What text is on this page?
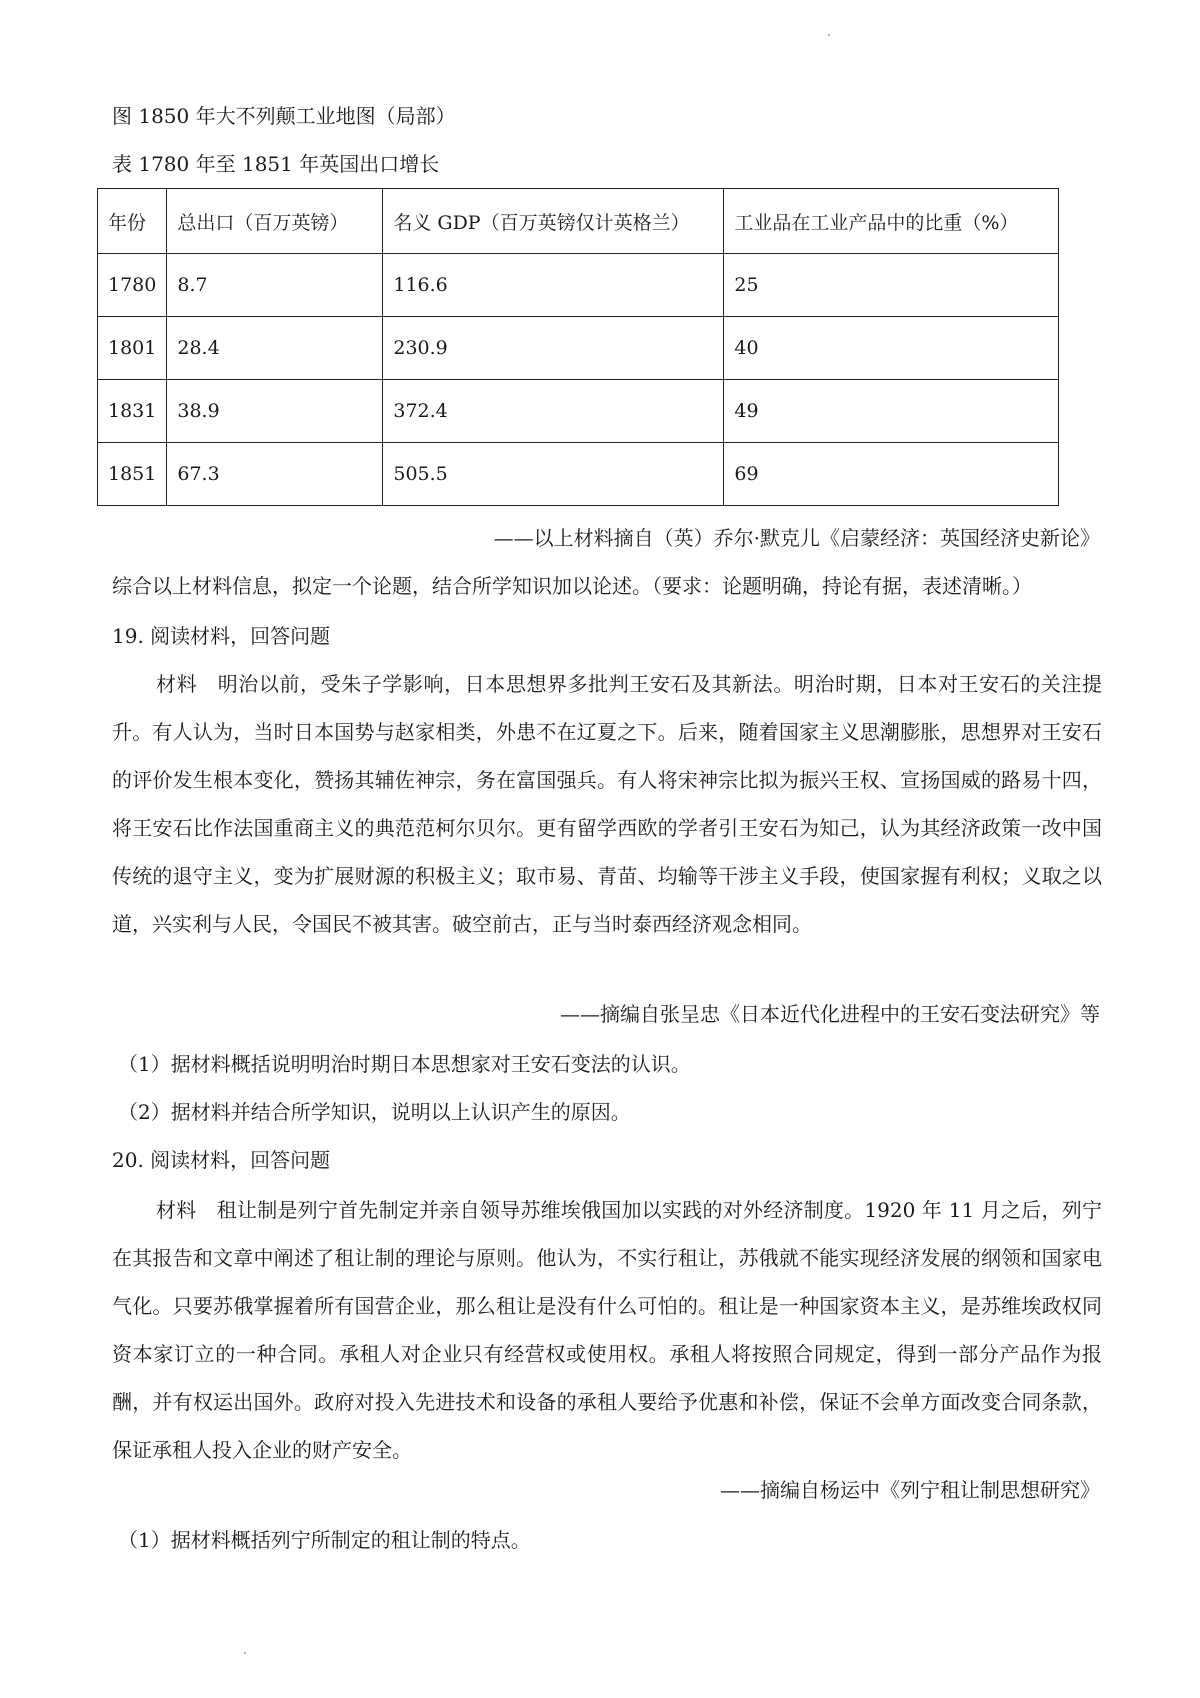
图 1850 年大不列颠工业地图（局部）
表 1780 年至 1851 年英国出口增长
年份	总出口（百万英镑）	名义 GDP（百万英镑仅计英格兰）	工业品在工业产品中的比重（%）
1780	8.7	116.6	25
1801	28.4	230.9	40
1831	38.9	372.4	49
1851	67.3	505.5	69
——以上材料摘自（英）乔尔·默克儿《启蒙经济：英国经济史新论》
综合以上材料信息，拟定一个论题，结合所学知识加以论述。（要求：论题明确，持论有据，表述清晰。）
19. 阅读材料，回答问题

材料　明治以前，受朱子学影响，日本思想界多批判王安石及其新法。明治时期，日本对王安石的关注提升。有人认为，当时日本国势与赵家相类，外患不在辽夏之下。后来，随着国家主义思潮膨胀，思想界对王安石的评价发生根本变化，赞扬其辅佐神宗，务在富国强兵。有人将宋神宗比拟为振兴王权、宣扬国威的路易十四，将王安石比作法国重商主义的典范范柯尔贝尔。更有留学西欧的学者引王安石为知己，认为其经济政策一改中国传统的退守主义，变为扩展财源的积极主义；取市易、青苗、均输等干涉主义手段，使国家握有利权；义取之以道，兴实利与人民，令国民不被其害。破空前古，正与当时泰西经济观念相同。

——摘编自张呈忠《日本近代化进程中的王安石变法研究》等
（1）据材料概括说明明治时期日本思想家对王安石变法的认识。
（2）据材料并结合所学知识，说明以上认识产生的原因。
20. 阅读材料，回答问题

材料　租让制是列宁首先制定并亲自领导苏维埃俄国加以实践的对外经济制度。1920 年 11 月之后，列宁在其报告和文章中阐述了租让制的理论与原则。他认为，不实行租让，苏俄就不能实现经济发展的纲领和国家电气化。只要苏俄掌握着所有国营企业，那么租让是没有什么可怕的。租让是一种国家资本主义，是苏维埃政权同资本家订立的一种合同。承租人对企业只有经营权或使用权。承租人将按照合同规定，得到一部分产品作为报酬，并有权运出国外。政府对投入先进技术和设备的承租人要给予优惠和补偿，保证不会单方面改变合同条款，保证承租人投入企业的财产安全。

——摘编自杨运中《列宁租让制思想研究》
（1）据材料概括列宁所制定的租让制的特点。
